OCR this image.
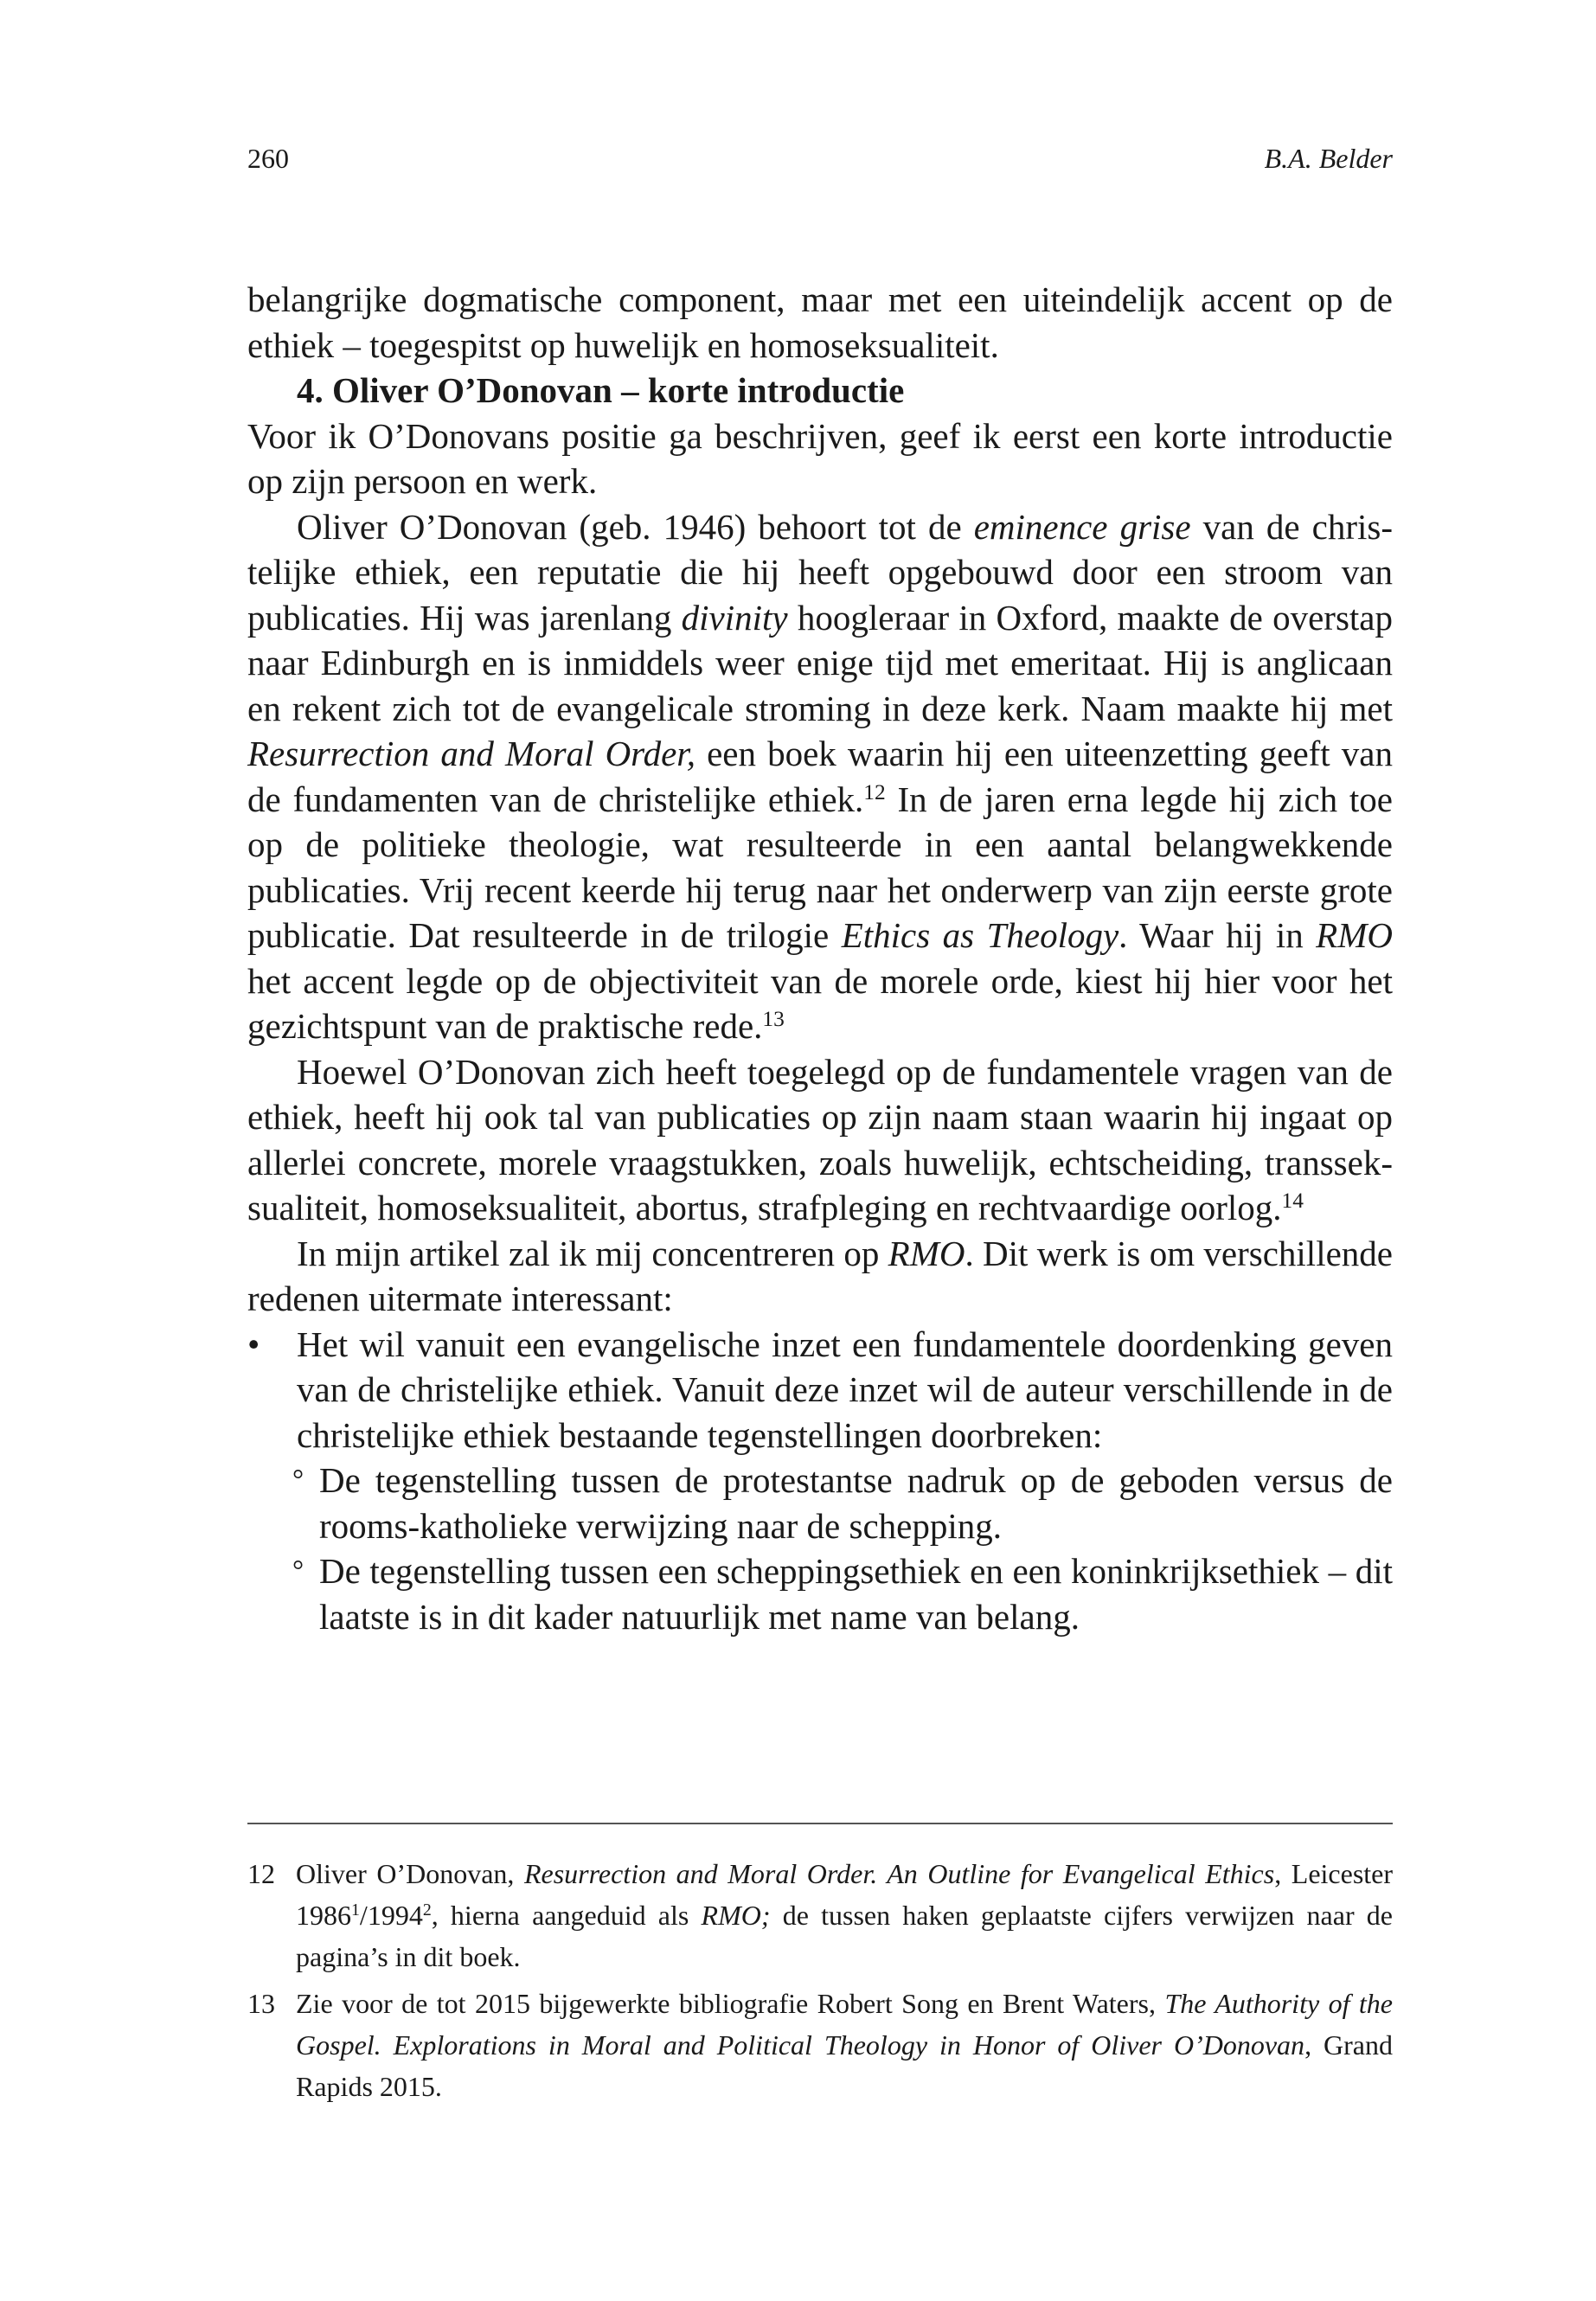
260	B.A. Belder

belangrijke dogmatische component, maar met een uiteindelijk accent op de ethiek – toegespitst op huwelijk en homoseksualiteit.

4. Oliver O’Donovan – korte introductie

Voor ik O’Donovans positie ga beschrijven, geef ik eerst een korte introductie op zijn persoon en werk.

Oliver O’Donovan (geb. 1946) behoort tot de eminence grise van de christelijke ethiek, een reputatie die hij heeft opgebouwd door een stroom van publicaties. Hij was jarenlang divinity hoogleraar in Oxford, maakte de overstap naar Edinburgh en is inmiddels weer enige tijd met emeritaat. Hij is anglicaan en rekent zich tot de evangelicale stroming in deze kerk. Naam maakte hij met Resurrection and Moral Order, een boek waarin hij een uiteenzetting geeft van de fundamenten van de christelijke ethiek.$^{12}$ In de jaren erna legde hij zich toe op de politieke theologie, wat resulteerde in een aantal belangwekkende publicaties. Vrij recent keerde hij terug naar het onderwerp van zijn eerste grote publicatie. Dat resulteerde in de trilogie Ethics as Theology. Waar hij in RMO het accent legde op de objectiviteit van de morele orde, kiest hij hier voor het gezichtspunt van de praktische rede.$^{13}$

Hoewel O’Donovan zich heeft toegelegd op de fundamentele vragen van de ethiek, heeft hij ook tal van publicaties op zijn naam staan waarin hij ingaat op allerlei concrete, morele vraagstukken, zoals huwelijk, echtscheiding, transseksualiteit, homoseksualiteit, abortus, strafpleging en rechtvaardige oorlog.$^{14}$

In mijn artikel zal ik mij concentreren op RMO. Dit werk is om verschillende redenen uitermate interessant:

• Het wil vanuit een evangelische inzet een fundamentele doordenking geven van de christelijke ethiek. Vanuit deze inzet wil de auteur verschillende in de christelijke ethiek bestaande tegenstellingen doorbreken:
° De tegenstelling tussen de protestantse nadruk op de geboden versus de rooms-katholieke verwijzing naar de schepping.
° De tegenstelling tussen een scheppingsethiek en een koninkrijksethiek – dit laatste is in dit kader natuurlijk met name van belang.

12 Oliver O’Donovan, Resurrection and Moral Order. An Outline for Evangelical Ethics, Leicester 1986$^1$/1994$^2$, hierna aangeduid als RMO; de tussen haken geplaatste cijfers verwijzen naar de pagina’s in dit boek.

13 Zie voor de tot 2015 bijgewerkte bibliografie Robert Song en Brent Waters, The Authority of the Gospel. Explorations in Moral and Political Theology in Honor of Oliver O’Donovan, Grand Rapids 2015.
